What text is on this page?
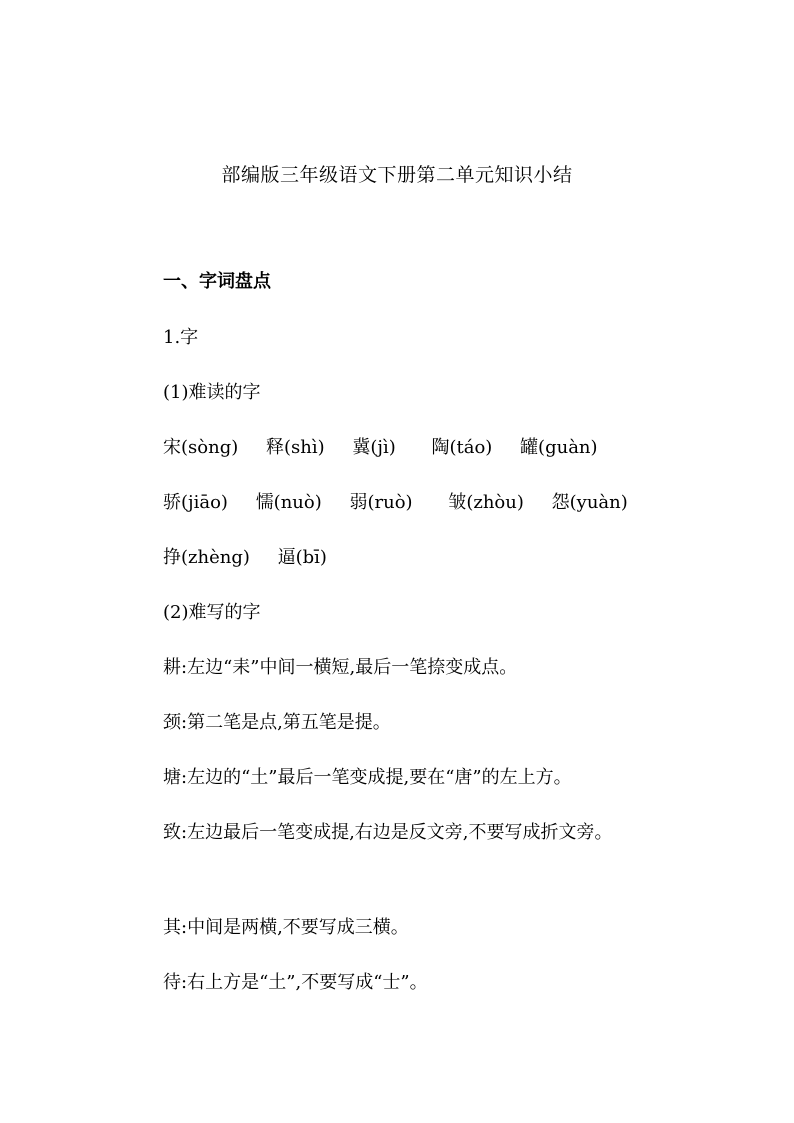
部编版三年级语文下册第二单元知识小结
一、字词盘点
1.字
(1)难读的字
宋(sòng) 释(shì) 冀(jì) 陶(táo) 罐(guàn)
骄(jiāo) 懦(nuò) 弱(ruò) 皱(zhòu) 怨(yuàn)
挣(zhèng) 逼(bī)
(2)难写的字
耕:左边“耒”中间一横短,最后一笔捺变成点。
颈:第二笔是点,第五笔是提。
塘:左边的“土”最后一笔变成提,要在“唐”的左上方。

致:左边最后一笔变成提,右边是反文旁,不要写成折文旁。

其:中间是两横,不要写成三横。
待:右上方是“土”,不要写成“士”。
